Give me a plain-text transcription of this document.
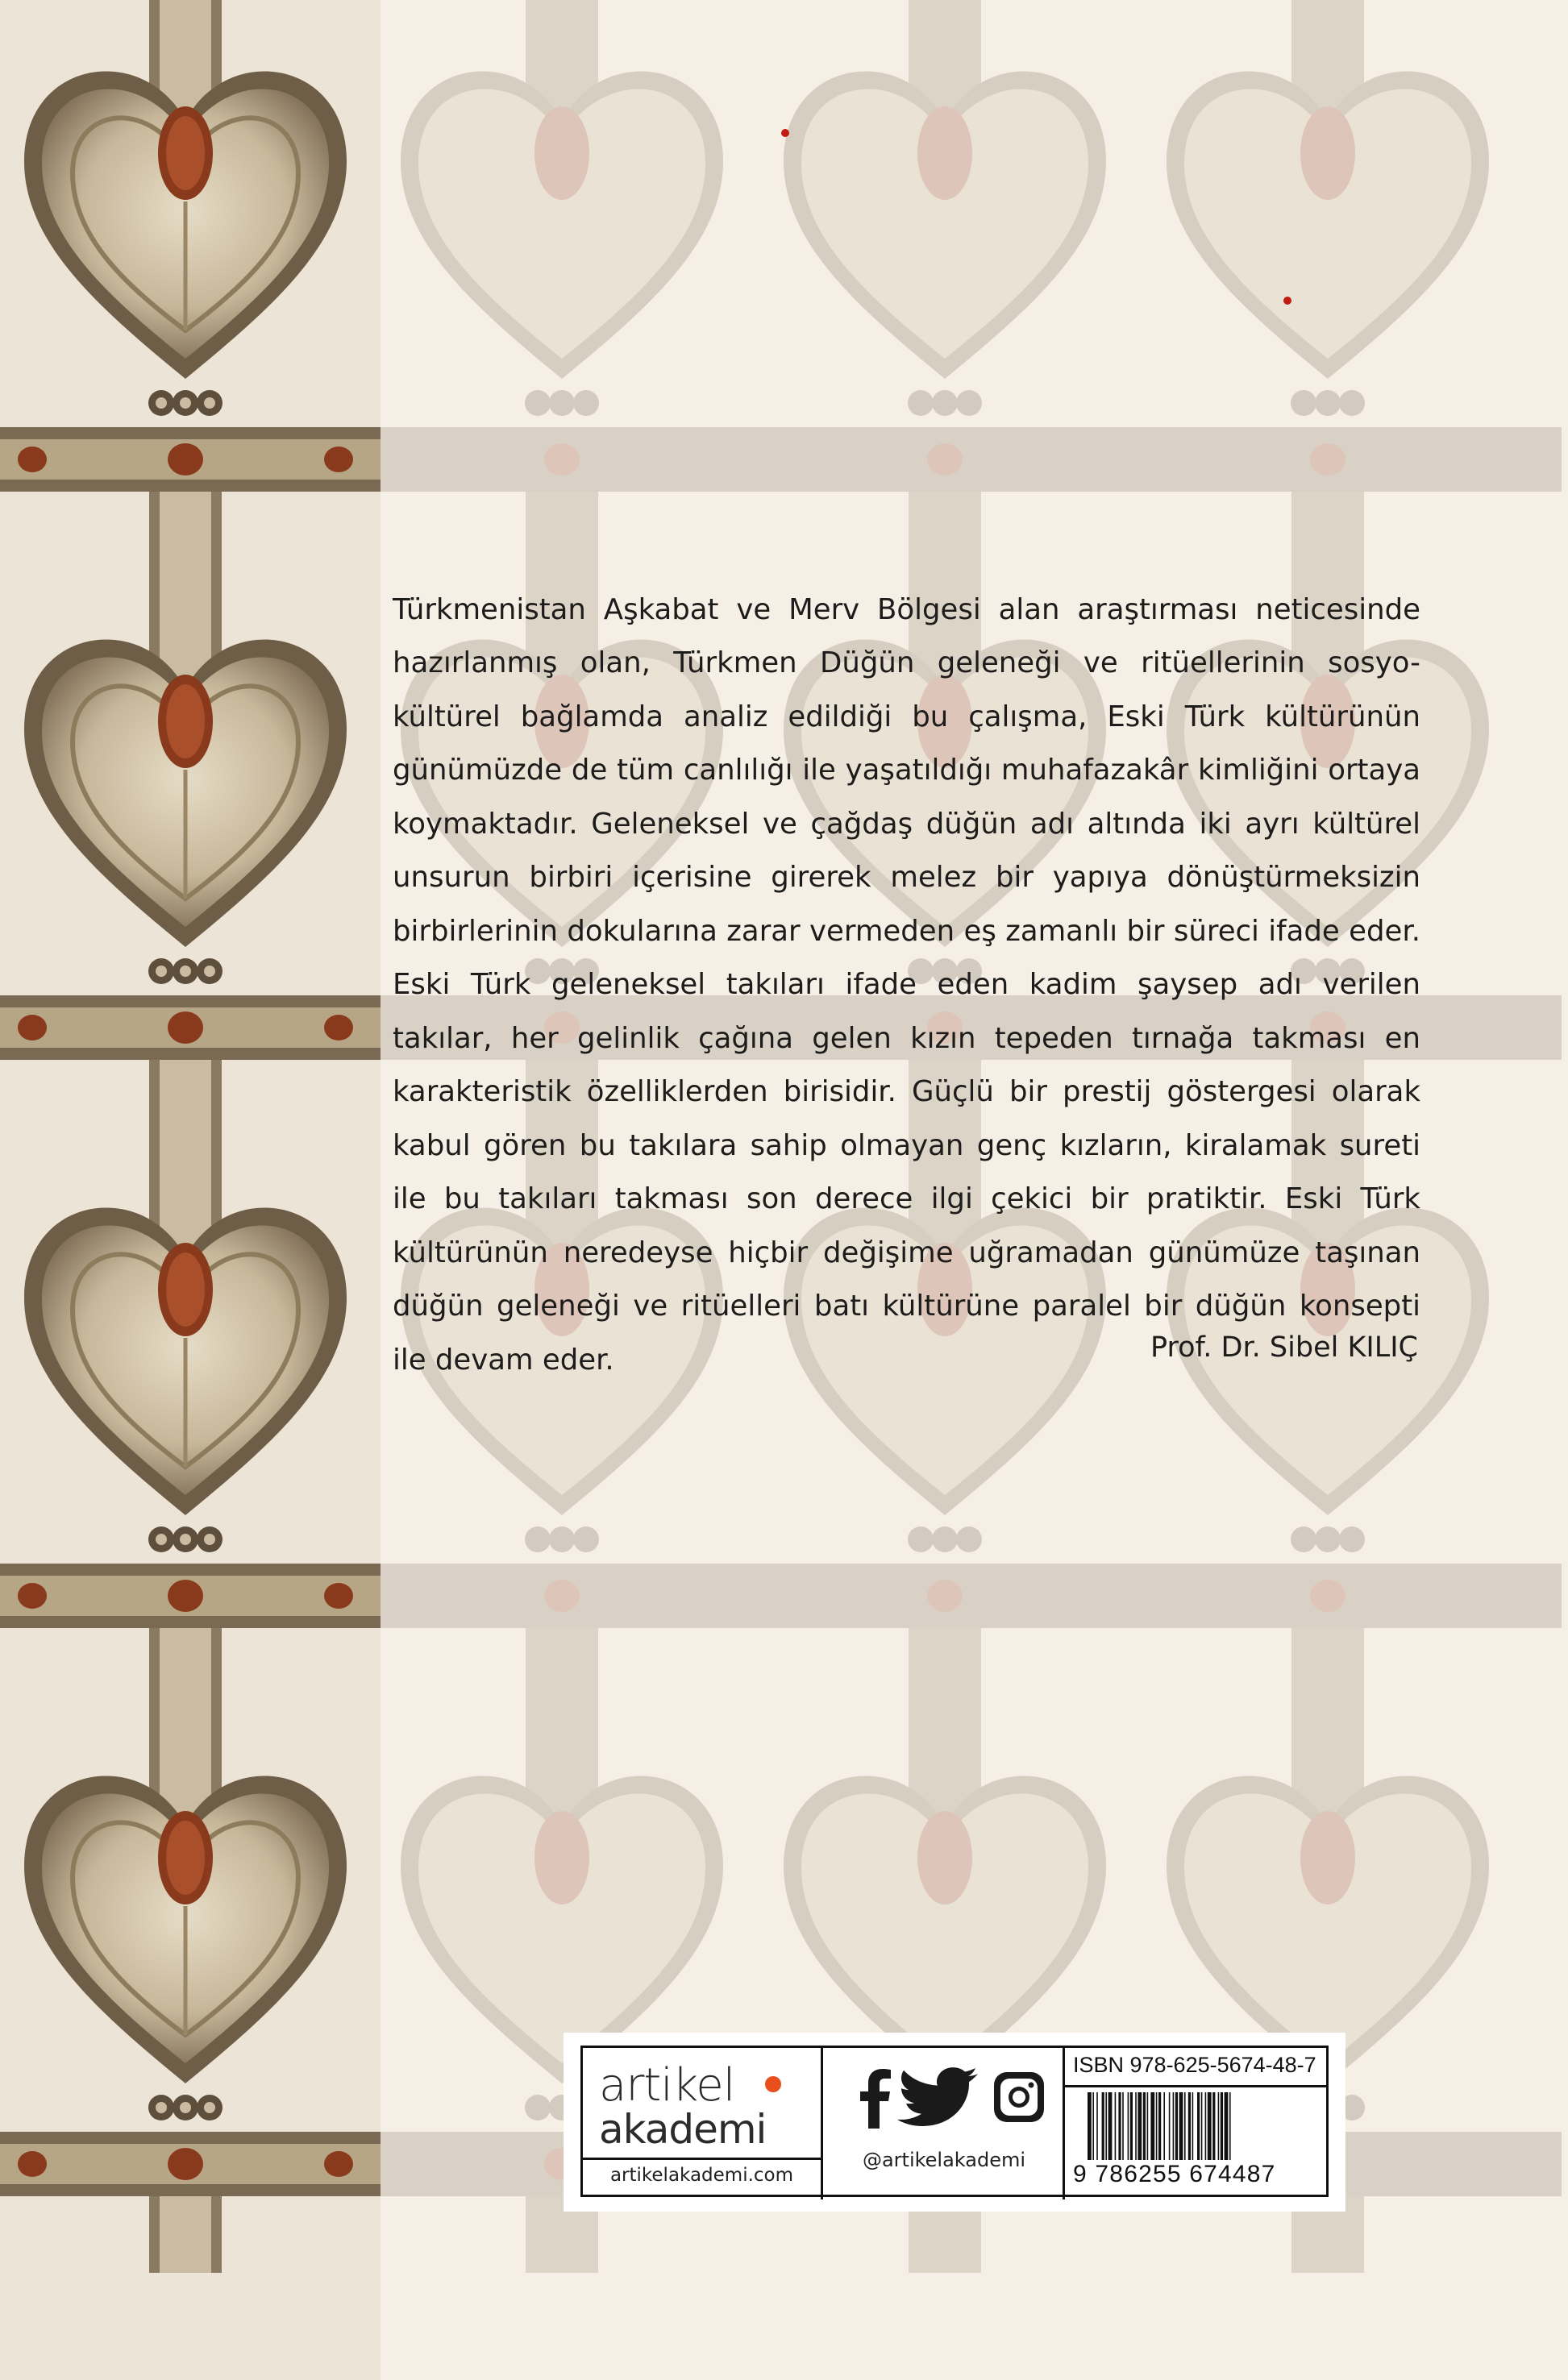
Türkmenistan Aşkabat ve Merv Bölgesi alan araştırması neticesinde hazırlanmış olan, Türkmen Düğün geleneği ve ritüellerinin sosyo-kültürel bağlamda analiz edildiği bu çalışma, Eski Türk kültürünün günümüzde de tüm canlılığı ile yaşatıldığı muhafazakâr kimliğini ortaya koymaktadır. Geleneksel ve çağdaş düğün adı altında iki ayrı kültürel unsurun birbiri içerisine girerek melez bir yapıya dönüştürmeksizin birbirlerinin dokularına zarar vermeden eş zamanlı bir süreci ifade eder. Eski Türk geleneksel takıları ifade eden kadim şaysep adı verilen takılar, her gelinlik çağına gelen kızın tepeden tırnağa takması en karakteristik özelliklerden birisidir. Güçlü bir prestij göstergesi olarak kabul gören bu takılara sahip olmayan genç kızların, kiralamak sureti ile bu takıları takması son derece ilgi çekici bir pratiktir. Eski Türk kültürünün neredeyse hiçbir değişime uğramadan günümüze taşınan düğün geleneği ve ritüelleri batı kültürüne paralel bir düğün konsepti ile devam eder.	Prof. Dr. Sibel KILIÇ
artikel
akademi
artikelakademi.com
@artikelakademi
ISBN 978-625-5674-48-7
9 786255 674487
